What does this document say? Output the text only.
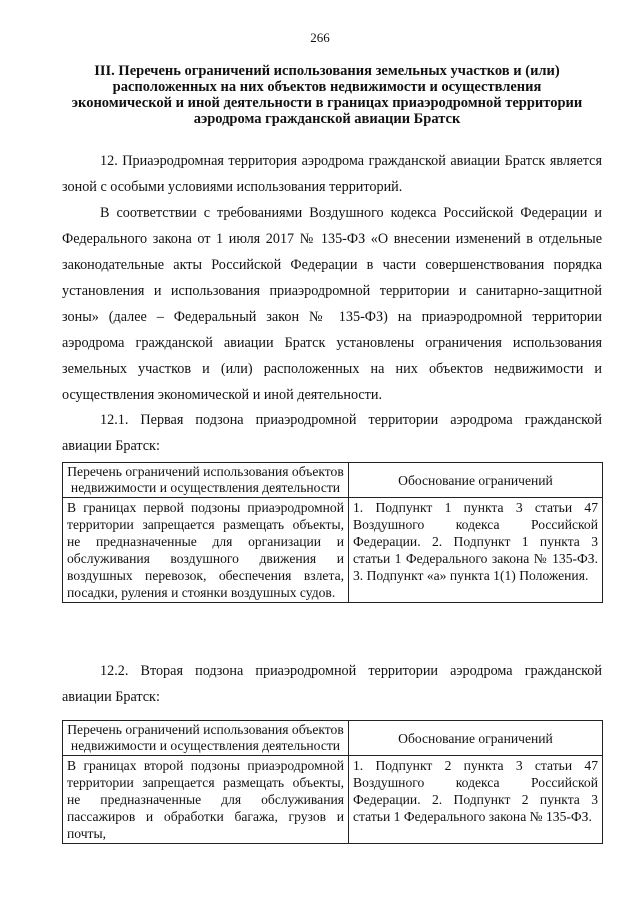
266
III. Перечень ограничений использования земельных участков и (или)
расположенных на них объектов недвижимости и осуществления
экономической и иной деятельности в границах приаэродромной территории
аэродрома гражданской авиации Братск

12. Приаэродромная территория аэродрома гражданской авиации Братск является зоной с особыми условиями использования территорий.

В соответствии с требованиями Воздушного кодекса Российской Федерации и Федерального закона от 1 июля 2017 № 135-ФЗ «О внесении изменений в отдельные законодательные акты Российской Федерации в части совершенствования порядка установления и использования приаэродромной территории и санитарно-защитной зоны» (далее – Федеральный закон № 135-ФЗ) на приаэродромной территории аэродрома гражданской авиации Братск установлены ограничения использования земельных участков и (или) расположенных на них объектов недвижимости и осуществления экономической и иной деятельности.

12.1. Первая подзона приаэродромной территории аэродрома гражданской авиации Братск:

Перечень ограничений использования объектов недвижимости и осуществления деятельности	Обоснование ограничений
В границах первой подзоны приаэродромной территории запрещается размещать объекты, не предназначенные для организации и обслуживания воздушного движения и воздушных перевозок, обеспечения взлета, посадки, руления и стоянки воздушных судов.	1. Подпункт 1 пункта 3 статьи 47 Воздушного кодекса Российской Федерации. 2. Подпункт 1 пункта 3 статьи 1 Федерального закона № 135-ФЗ. 3. Подпункт «а» пункта 1(1) Положения.

12.2. Вторая подзона приаэродромной территории аэродрома гражданской авиации Братск:

Перечень ограничений использования объектов недвижимости и осуществления деятельности	Обоснование ограничений
В границах второй подзоны приаэродромной территории запрещается размещать объекты, не предназначенные для обслуживания пассажиров и обработки багажа, грузов и почты,	1. Подпункт 2 пункта 3 статьи 47 Воздушного кодекса Российской Федерации. 2. Подпункт 2 пункта 3 статьи 1 Федерального закона № 135-ФЗ.
